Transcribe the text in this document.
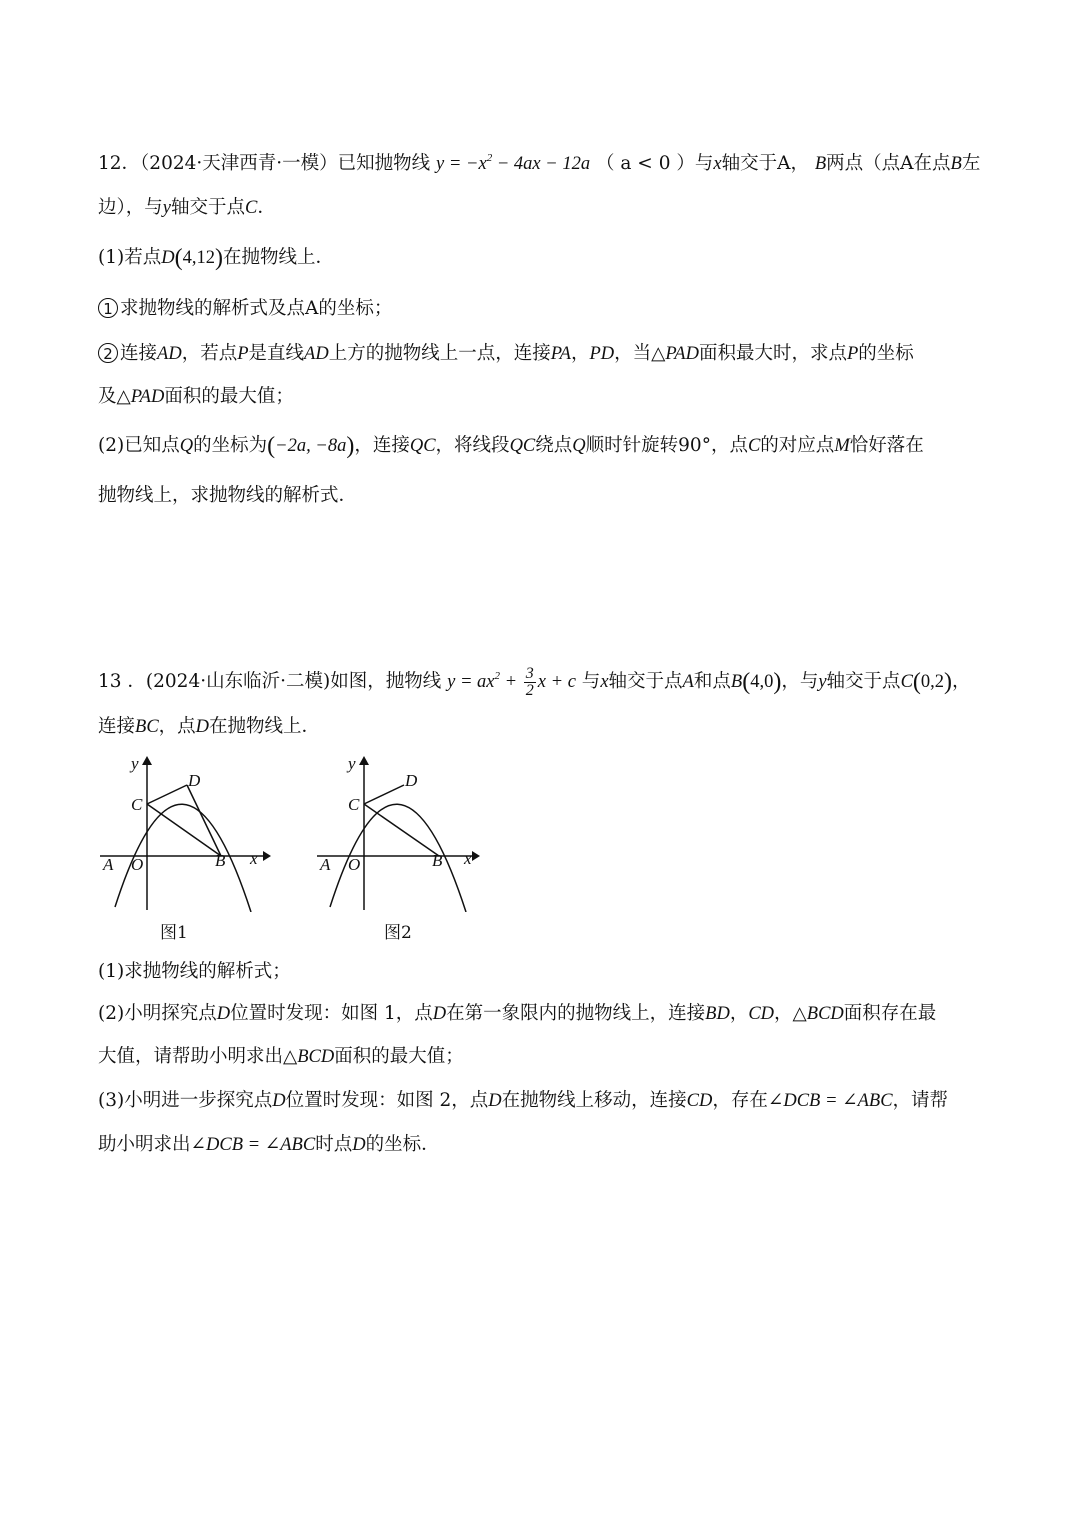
12．（2024·天津西青·一模）已知抛物线 $y = -x^2 - 4ax - 12a$ （ a < 0 ）与x轴交于A， B两点（点A在点B左
边），与y轴交于点C．
(1)若点D(4,12)在抛物线上．
1 求抛物线的解析式及点A的坐标；
2 连接AD，若点P是直线AD上方的抛物线上一点，连接PA，PD，当△PAD面积最大时，求点P的坐标
及△PAD面积的最大值；
(2)已知点Q的坐标为(−2a, −8a)，连接QC，将线段QC绕点Q顺时针旋转90°，点C的对应点M恰好落在
抛物线上，求抛物线的解析式．
13 ．(2024·山东临沂·二模)如图，抛物线 $y = ax^2 + \frac{3}{2}$ x + c 与x轴交于点A和点B(4,0)，与y轴交于点C(0,2)，
连接BC，点D在抛物线上．
y
x
C
D
A O	B
图1
y
x
C
D
A O	B
图2
(1)求抛物线的解析式；
(2)小明探究点D位置时发现：如图 1，点D在第一象限内的抛物线上，连接BD，CD，△BCD面积存在最
大值，请帮助小明求出△BCD面积的最大值；
(3)小明进一步探究点D位置时发现：如图 2，点D在抛物线上移动，连接CD，存在∠DCB = ∠ABC，请帮
助小明求出∠DCB = ∠ABC时点D的坐标．
